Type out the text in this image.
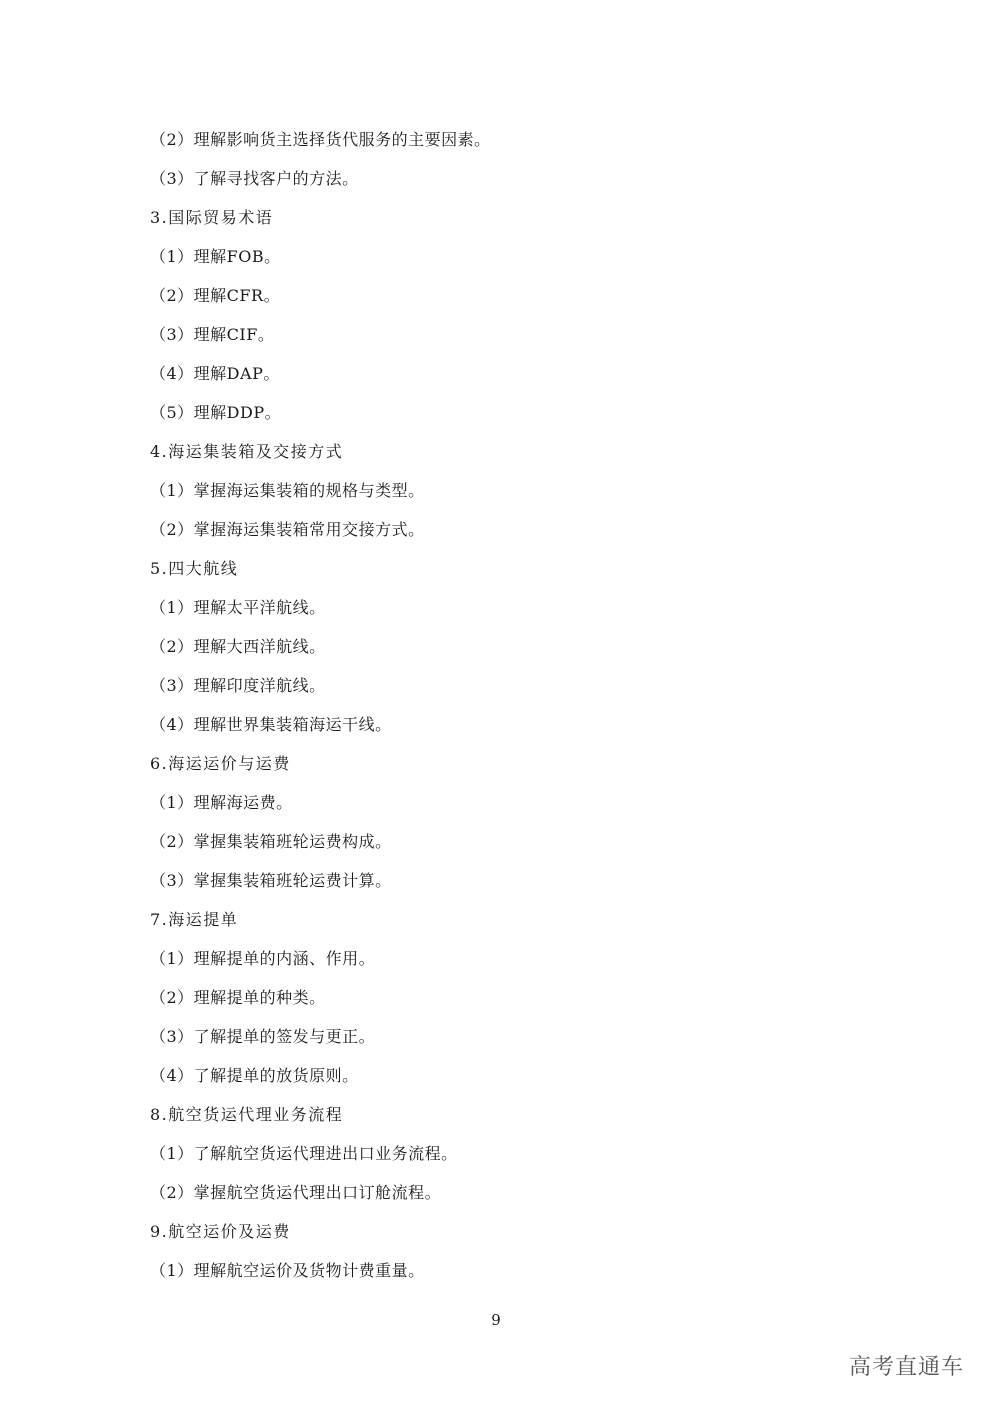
（2）理解影响货主选择货代服务的主要因素。
（3）了解寻找客户的方法。
3.国际贸易术语
（1）理解FOB。
（2）理解CFR。
（3）理解CIF。
（4）理解DAP。
（5）理解DDP。
4.海运集装箱及交接方式
（1）掌握海运集装箱的规格与类型。
（2）掌握海运集装箱常用交接方式。
5.四大航线
（1）理解太平洋航线。
（2）理解大西洋航线。
（3）理解印度洋航线。
（4）理解世界集装箱海运干线。
6.海运运价与运费
（1）理解海运费。
（2）掌握集装箱班轮运费构成。
（3）掌握集装箱班轮运费计算。
7.海运提单
（1）理解提单的内涵、作用。
（2）理解提单的种类。
（3）了解提单的签发与更正。
（4）了解提单的放货原则。
8.航空货运代理业务流程
（1）了解航空货运代理进出口业务流程。
（2）掌握航空货运代理出口订舱流程。
9.航空运价及运费
（1）理解航空运价及货物计费重量。
9
高考直通车
